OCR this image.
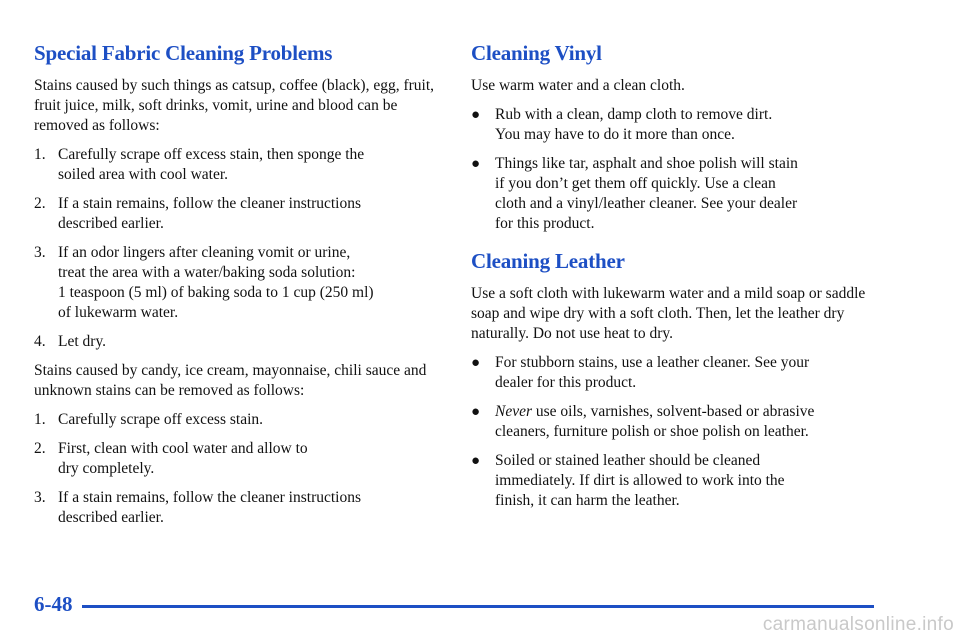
Special Fabric Cleaning Problems

Stains caused by such things as catsup, coffee (black), egg, fruit, fruit juice, milk, soft drinks, vomit, urine and blood can be removed as follows:

1. Carefully scrape off excess stain, then sponge the
soiled area with cool water.
2. If a stain remains, follow the cleaner instructions
described earlier.
3. If an odor lingers after cleaning vomit or urine,
treat the area with a water/baking soda solution:
1 teaspoon (5 ml) of baking soda to 1 cup (250 ml)
of lukewarm water.
4. Let dry.

Stains caused by candy, ice cream, mayonnaise, chili sauce and unknown stains can be removed as follows:

1. Carefully scrape off excess stain.
2. First, clean with cool water and allow to
dry completely.
3. If a stain remains, follow the cleaner instructions
described earlier.
Cleaning Vinyl

Use warm water and a clean cloth.

● Rub with a clean, damp cloth to remove dirt.
You may have to do it more than once.
● Things like tar, asphalt and shoe polish will stain
if you don’t get them off quickly. Use a clean
cloth and a vinyl/leather cleaner. See your dealer
for this product.
Cleaning Leather

Use a soft cloth with lukewarm water and a mild soap or saddle soap and wipe dry with a soft cloth. Then, let the leather dry naturally. Do not use heat to dry.

● For stubborn stains, use a leather cleaner. See your
dealer for this product.
● Never use oils, varnishes, solvent‑based or abrasive
cleaners, furniture polish or shoe polish on leather.
● Soiled or stained leather should be cleaned
immediately. If dirt is allowed to work into the
finish, it can harm the leather.
6-48
carmanualsonline.info
